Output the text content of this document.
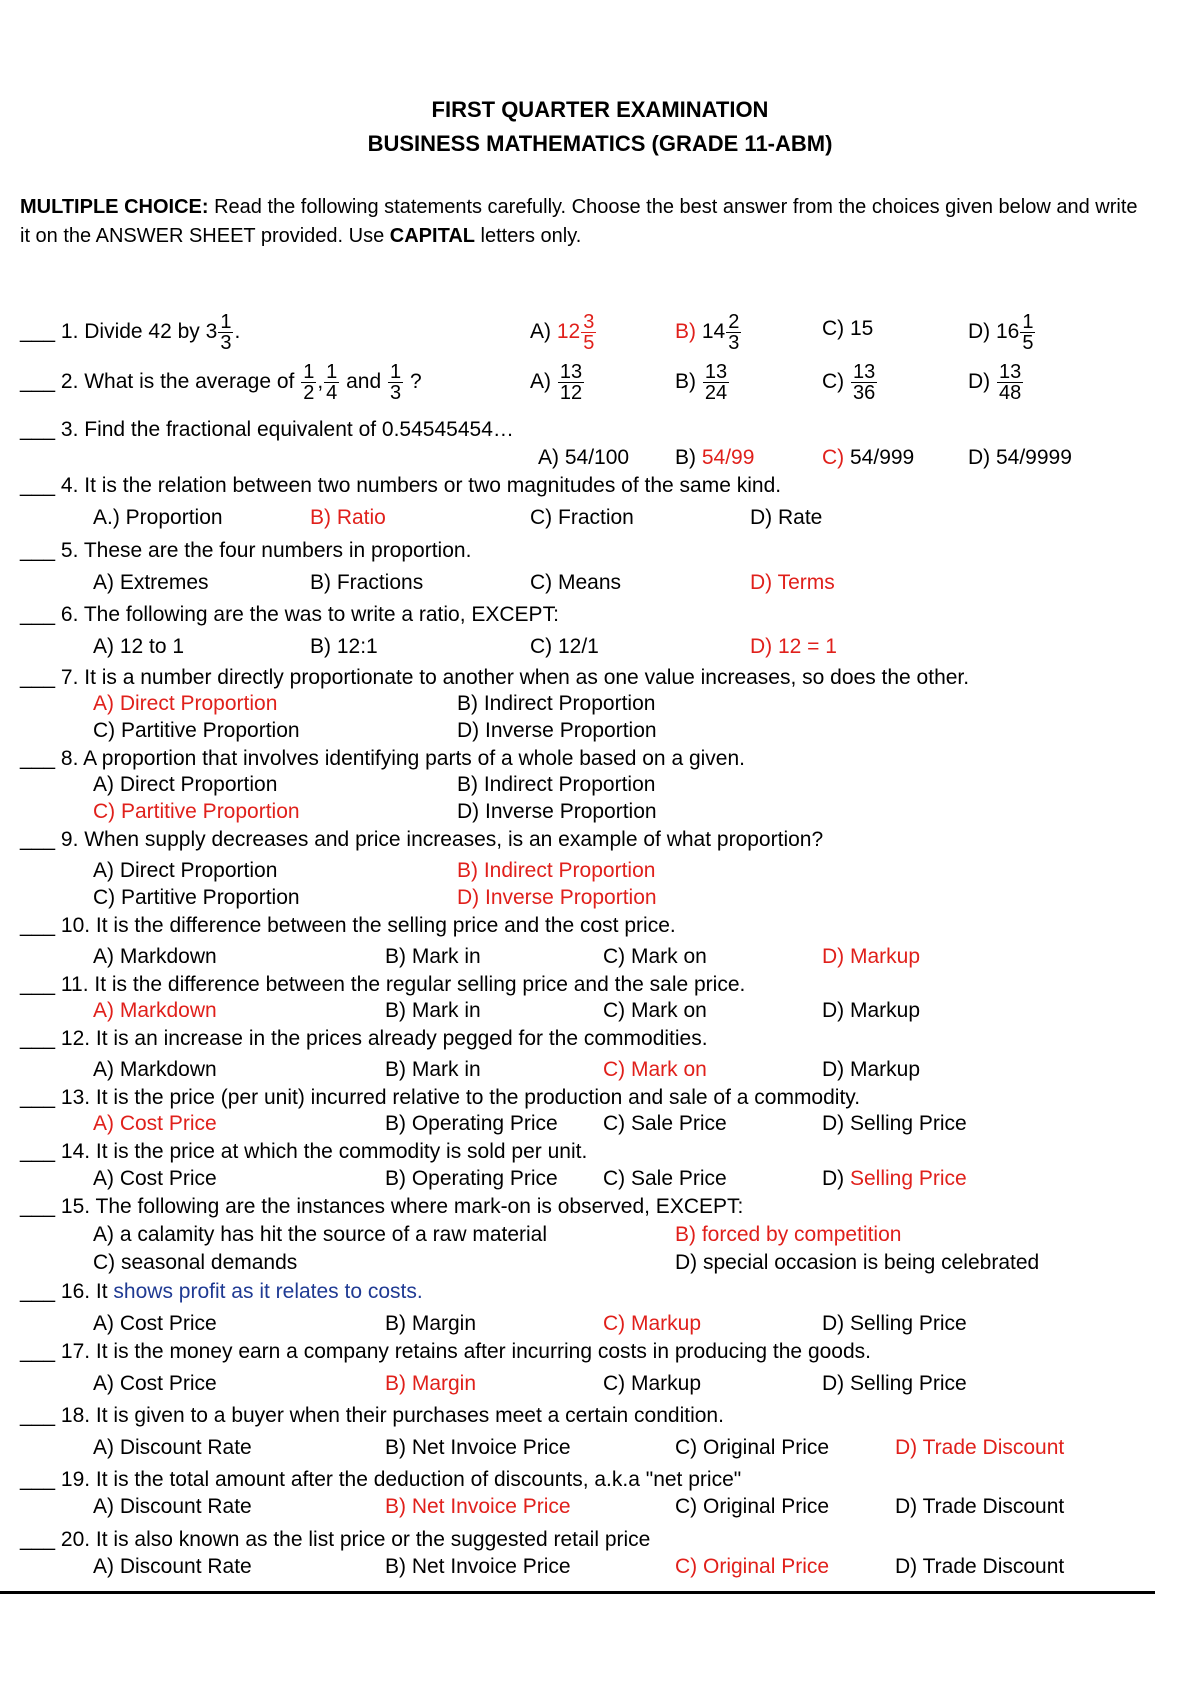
FIRST QUARTER EXAMINATION
BUSINESS MATHEMATICS (GRADE 11-ABM)
MULTIPLE CHOICE: Read the following statements carefully. Choose the best answer from the choices given below and write it on the ANSWER SHEET provided. Use CAPITAL letters only.
___ 1. Divide 42 by $3 \frac{1}{3}$ .	A) $12 \frac{3}{5}$	B) $14 \frac{2}{3}$	C) 15	D) $16 \frac{1}{5}$
___ 2. What is the average of $\frac{1}{2}$ , $\frac{1}{4}$ and $\frac{1}{3}$ ?	$A) \frac{13}{12}$	$B) \frac{13}{24}$	$C) \frac{13}{36}$	$D) \frac{13}{48}$
___ 3. Find the fractional equivalent of 0.54545454…
A) 54/100 B) 54/99	C) 54/999	D) 54/9999
___ 4. It is the relation between two numbers or two magnitudes of the same kind.
A.) Proportion	B) Ratio	C) Fraction	D) Rate
___ 5. These are the four numbers in proportion.
A) Extremes	B) Fractions	C) Means	D) Terms
___ 6. The following are the was to write a ratio, EXCEPT:
A) 12 to 1	B) 12:1	C) 12/1	D) 12 = 1
___ 7. It is a number directly proportionate to another when as one value increases, so does the other.
A) Direct Proportion	B) Indirect Proportion
C) Partitive Proportion	D) Inverse Proportion
___ 8. A proportion that involves identifying parts of a whole based on a given.
A) Direct Proportion	B) Indirect Proportion
C) Partitive Proportion	D) Inverse Proportion
___ 9. When supply decreases and price increases, is an example of what proportion?
A) Direct Proportion	B) Indirect Proportion
C) Partitive Proportion	D) Inverse Proportion
___ 10. It is the difference between the selling price and the cost price.
A) Markdown	B) Mark in	C) Mark on	D) Markup
___ 11. It is the difference between the regular selling price and the sale price.
A) Markdown	B) Mark in	C) Mark on	D) Markup
___ 12. It is an increase in the prices already pegged for the commodities.
A) Markdown	B) Mark in	C) Mark on	D) Markup
___ 13. It is the price (per unit) incurred relative to the production and sale of a commodity.
A) Cost Price	B) Operating Price C) Sale Price	D) Selling Price
___ 14. It is the price at which the commodity is sold per unit.
A) Cost Price	B) Operating Price C) Sale Price	D) Selling Price
___ 15. The following are the instances where mark-on is observed, EXCEPT:
A) a calamity has hit the source of a raw material	B) forced by competition
C) seasonal demands	D) special occasion is being celebrated
___ 16. It shows profit as it relates to costs.
A) Cost Price	B) Margin	C) Markup	D) Selling Price
___ 17. It is the money earn a company retains after incurring costs in producing the goods.
A) Cost Price	B) Margin	C) Markup	D) Selling Price
___ 18. It is given to a buyer when their purchases meet a certain condition.
A) Discount Rate	B) Net Invoice Price	C) Original Price	D) Trade Discount
___ 19. It is the total amount after the deduction of discounts, a.k.a "net price"
A) Discount Rate	B) Net Invoice Price	C) Original Price	D) Trade Discount
___ 20. It is also known as the list price or the suggested retail price
A) Discount Rate	B) Net Invoice Price	C) Original Price	D) Trade Discount
